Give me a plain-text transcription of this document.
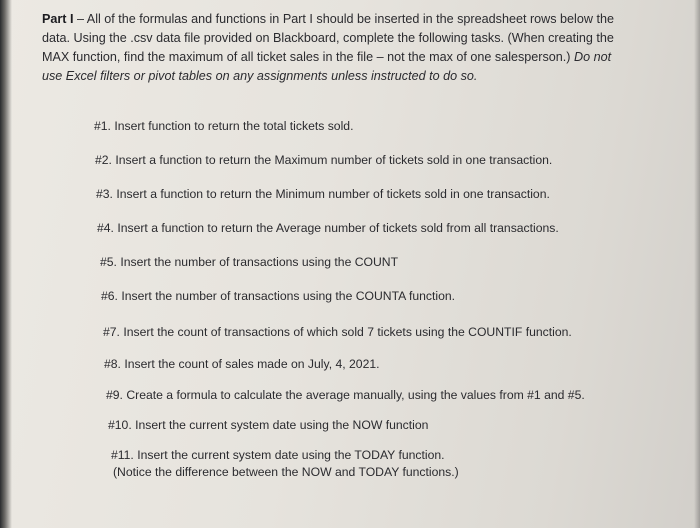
Part I – All of the formulas and functions in Part I should be inserted in the spreadsheet rows below the
data. Using the .csv data file provided on Blackboard, complete the following tasks. (When creating the
MAX function, find the maximum of all ticket sales in the file – not the max of one salesperson.) Do not
use Excel filters or pivot tables on any assignments unless instructed to do so.
#1. Insert function to return the total tickets sold.
#2. Insert a function to return the Maximum number of tickets sold in one transaction.
#3. Insert a function to return the Minimum number of tickets sold in one transaction.
#4. Insert a function to return the Average number of tickets sold from all transactions.
#5. Insert the number of transactions using the COUNT
#6. Insert the number of transactions using the COUNTA function.
#7. Insert the count of transactions of which sold 7 tickets using the COUNTIF function.
#8. Insert the count of sales made on July, 4, 2021.
#9. Create a formula to calculate the average manually, using the values from #1 and #5.
#10. Insert the current system date using the NOW function
#11. Insert the current system date using the TODAY function.
(Notice the difference between the NOW and TODAY functions.)
